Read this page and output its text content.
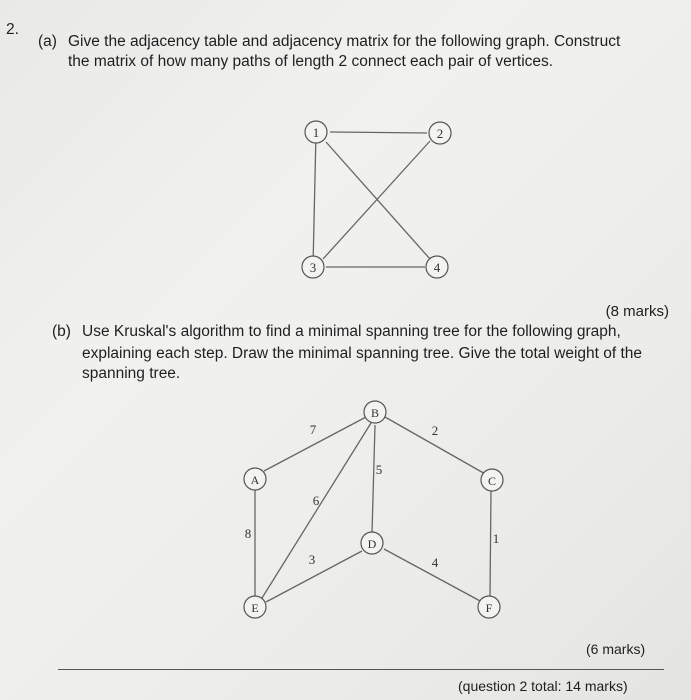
2.
(a) Give the adjacency table and adjacency matrix for the following graph. Construct
the matrix of how many paths of length 2 connect each pair of vertices.
1	2
3	4
(8 marks)
(b) Use Kruskal's algorithm to find a minimal spanning tree for the following graph,
explaining each step. Draw the minimal spanning tree. Give the total weight of the
spanning tree.
7	2
6
5
8	1
3	4
A
B
C
D
E	F
(6 marks)
(question 2 total: 14 marks)
